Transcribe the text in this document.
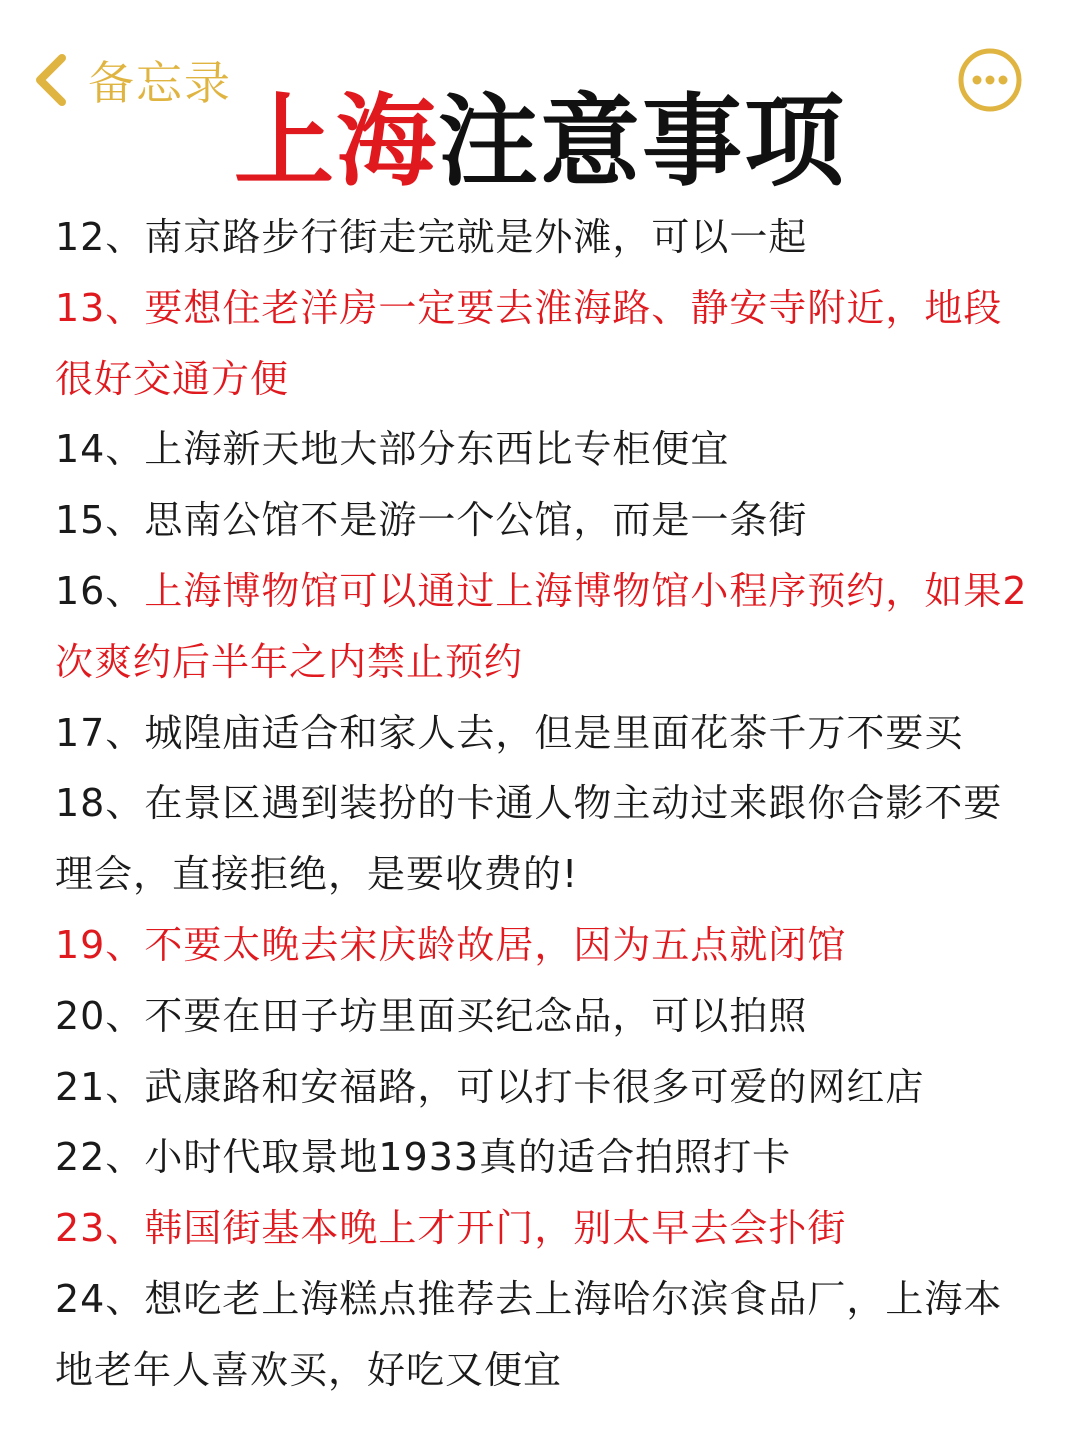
备忘录 上海注意事项
12、南京路步行街走完就是外滩，可以一起
13、要想住老洋房一定要去淮海路、静安寺附近，地段很好交通方便
14、上海新天地大部分东西比专柜便宜
15、思南公馆不是游一个公馆，而是一条街
16、上海博物馆可以通过上海博物馆小程序预约，如果2次爽约后半年之内禁止预约
17、城隍庙适合和家人去，但是里面花茶千万不要买
18、在景区遇到装扮的卡通人物主动过来跟你合影不要理会，直接拒绝，是要收费的!
19、不要太晚去宋庆龄故居，因为五点就闭馆
20、不要在田子坊里面买纪念品，可以拍照
21、武康路和安福路，可以打卡很多可爱的网红店
22、小时代取景地1933真的适合拍照打卡
23、韩国街基本晚上才开门，别太早去会扑街
24、想吃老上海糕点推荐去上海哈尔滨食品厂，上海本地老年人喜欢买，好吃又便宜
